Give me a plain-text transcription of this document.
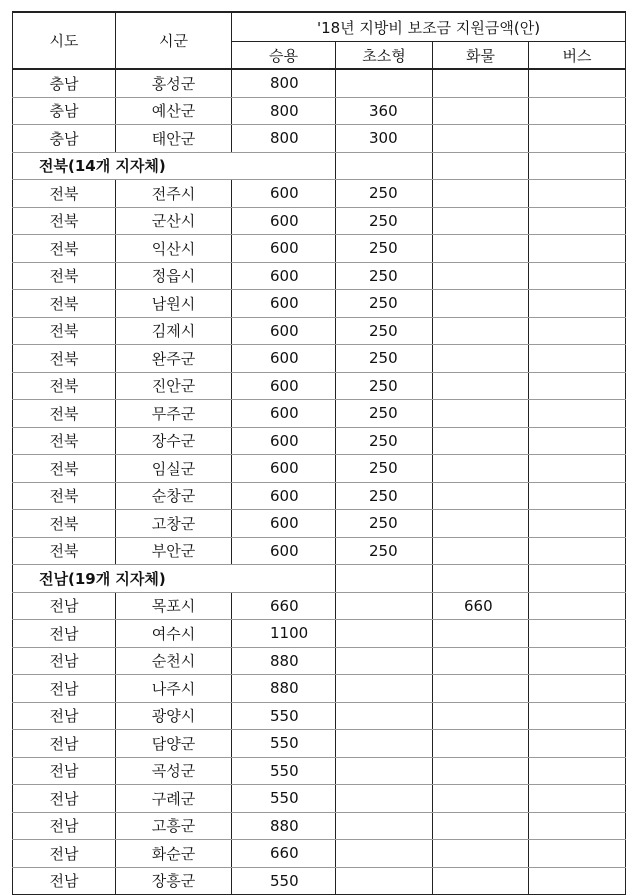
시도	시군	'18년 지방비 보조금 지원금액(안)			
		승용	초소형	화물	버스
충남	홍성군	800			
충남	예산군	800	360		
충남	태안군	800	300		
전북(14개 지자체)					
전북	전주시	600	250		
전북	군산시	600	250		
전북	익산시	600	250		
전북	정읍시	600	250		
전북	남원시	600	250		
전북	김제시	600	250		
전북	완주군	600	250		
전북	진안군	600	250		
전북	무주군	600	250		
전북	장수군	600	250		
전북	임실군	600	250		
전북	순창군	600	250		
전북	고창군	600	250		
전북	부안군	600	250		
전남(19개 지자체)					
전남	목포시	660		660	
전남	여수시	1100			
전남	순천시	880			
전남	나주시	880			
전남	광양시	550			
전남	담양군	550			
전남	곡성군	550			
전남	구례군	550			
전남	고흥군	880			
전남	화순군	660			
전남	장흥군	550			
